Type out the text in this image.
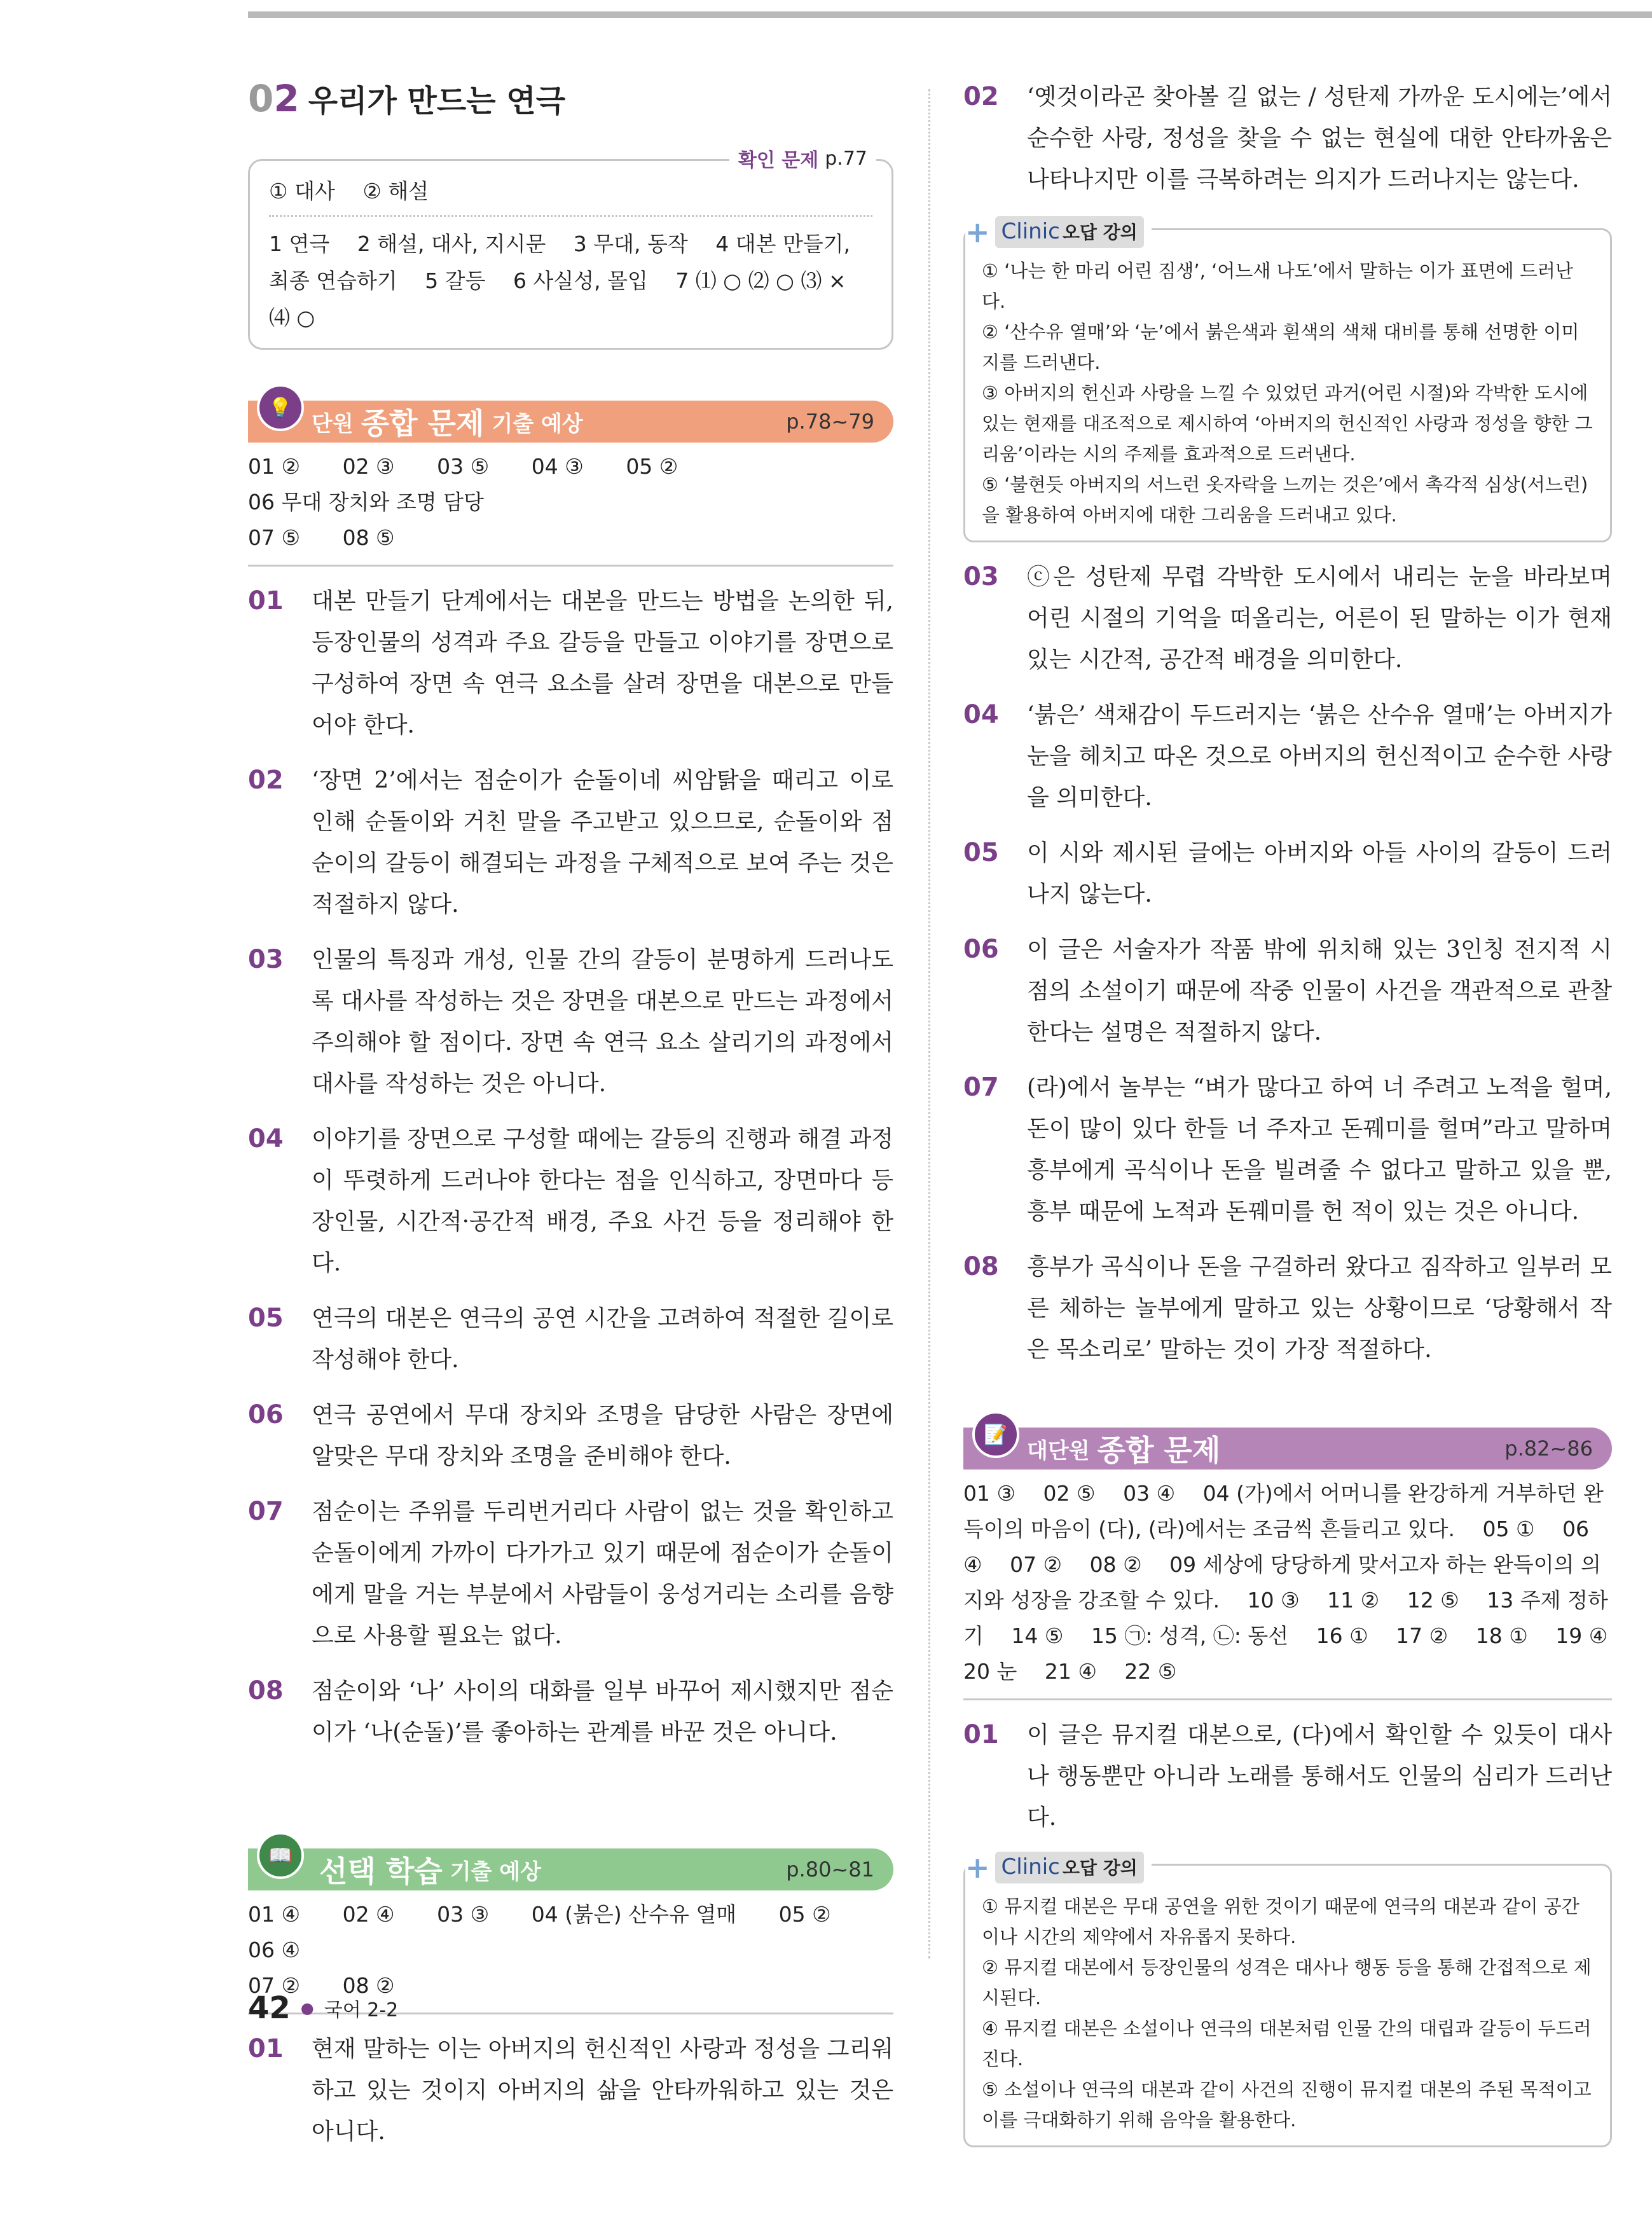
02 우리가 만드는 연극
확인 문제 p.77
① 대사　 ② 해설
1 연극　 2 해설, 대사, 지시문　 3 무대, 동작　 4 대본 만들기, 최종 연습하기　 5 갈등　 6 사실성, 몰입　 7 ⑴ ○ ⑵ ○ ⑶ × ⑷ ○
💡
단원 종합 문제 기출 예상	p.78~79
01 ② 02 ③ 03 ⑤ 04 ③ 05 ② 06 무대 장치와 조명 담당
07 ⑤ 08 ⑤
01	대본 만들기 단계에서는 대본을 만드는 방법을 논의한 뒤, 등장인물의 성격과 주요 갈등을 만들고 이야기를 장면으로 구성하여 장면 속 연극 요소를 살려 장면을 대본으로 만들어야 한다.
02	‘장면 2’에서는 점순이가 순돌이네 씨암탉을 때리고 이로 인해 순돌이와 거친 말을 주고받고 있으므로, 순돌이와 점순이의 갈등이 해결되는 과정을 구체적으로 보여 주는 것은 적절하지 않다.
03	인물의 특징과 개성, 인물 간의 갈등이 분명하게 드러나도록 대사를 작성하는 것은 장면을 대본으로 만드는 과정에서 주의해야 할 점이다. 장면 속 연극 요소 살리기의 과정에서 대사를 작성하는 것은 아니다.
04	이야기를 장면으로 구성할 때에는 갈등의 진행과 해결 과정이 뚜렷하게 드러나야 한다는 점을 인식하고, 장면마다 등장인물, 시간적·공간적 배경, 주요 사건 등을 정리해야 한다.
05	연극의 대본은 연극의 공연 시간을 고려하여 적절한 길이로 작성해야 한다.
06	연극 공연에서 무대 장치와 조명을 담당한 사람은 장면에 알맞은 무대 장치와 조명을 준비해야 한다.
07	점순이는 주위를 두리번거리다 사람이 없는 것을 확인하고 순돌이에게 가까이 다가가고 있기 때문에 점순이가 순돌이에게 말을 거는 부분에서 사람들이 웅성거리는 소리를 음향으로 사용할 필요는 없다.
08	점순이와 ‘나’ 사이의 대화를 일부 바꾸어 제시했지만 점순이가 ‘나(순돌)’를 좋아하는 관계를 바꾼 것은 아니다.
📖 선택 학습 기출 예상	p.80~81
01 ④ 02 ④ 03 ③ 04 (붉은) 산수유 열매 05 ② 06 ④
07 ② 08 ②
01	현재 말하는 이는 아버지의 헌신적인 사랑과 정성을 그리워하고 있는 것이지 아버지의 삶을 안타까워하고 있는 것은 아니다.
02	‘옛것이라곤 찾아볼 길 없는 / 성탄제 가까운 도시에는’에서 순수한 사랑, 정성을 찾을 수 없는 현실에 대한 안타까움은 나타나지만 이를 극복하려는 의지가 드러나지는 않는다.
+ Clinic 오답 강의
① ‘나는 한 마리 어린 짐생’, ‘어느새 나도’에서 말하는 이가 표면에 드러난다.
② ‘산수유 열매’와 ‘눈’에서 붉은색과 흰색의 색채 대비를 통해 선명한 이미지를 드러낸다.
③ 아버지의 헌신과 사랑을 느낄 수 있었던 과거(어린 시절)와 각박한 도시에 있는 현재를 대조적으로 제시하여 ‘아버지의 헌신적인 사랑과 정성을 향한 그리움’이라는 시의 주제를 효과적으로 드러낸다.
⑤ ‘불현듯 아버지의 서느런 옷자락을 느끼는 것은’에서 촉각적 심상(서느런)을 활용하여 아버지에 대한 그리움을 드러내고 있다.
03	ⓒ은 성탄제 무렵 각박한 도시에서 내리는 눈을 바라보며 어린 시절의 기억을 떠올리는, 어른이 된 말하는 이가 현재 있는 시간적, 공간적 배경을 의미한다.
04	‘붉은’ 색채감이 두드러지는 ‘붉은 산수유 열매’는 아버지가 눈을 헤치고 따온 것으로 아버지의 헌신적이고 순수한 사랑을 의미한다.
05	이 시와 제시된 글에는 아버지와 아들 사이의 갈등이 드러나지 않는다.
06	이 글은 서술자가 작품 밖에 위치해 있는 3인칭 전지적 시점의 소설이기 때문에 작중 인물이 사건을 객관적으로 관찰한다는 설명은 적절하지 않다.
07	(라)에서 놀부는 “벼가 많다고 하여 너 주려고 노적을 헐며, 돈이 많이 있다 한들 너 주자고 돈꿰미를 헐며”라고 말하며 흥부에게 곡식이나 돈을 빌려줄 수 없다고 말하고 있을 뿐, 흥부 때문에 노적과 돈꿰미를 헌 적이 있는 것은 아니다.
08	흥부가 곡식이나 돈을 구걸하러 왔다고 짐작하고 일부러 모른 체하는 놀부에게 말하고 있는 상황이므로 ‘당황해서 작은 목소리로’ 말하는 것이 가장 적절하다.
📝
대단원 종합 문제	p.82~86
01 ③　 02 ⑤　 03 ④　 04 (가)에서 어머니를 완강하게 거부하던 완득이의 마음이 (다), (라)에서는 조금씩 흔들리고 있다.　 05 ①　 06 ④　 07 ②　 08 ②　 09 세상에 당당하게 맞서고자 하는 완득이의 의지와 성장을 강조할 수 있다.　 10 ③　 11 ②　 12 ⑤　 13 주제 정하기　 14 ⑤　 15 ㉠: 성격, ㉡: 동선　 16 ①　 17 ②　 18 ①　 19 ④　 20 눈　 21 ④　 22 ⑤
01	이 글은 뮤지컬 대본으로, (다)에서 확인할 수 있듯이 대사나 행동뿐만 아니라 노래를 통해서도 인물의 심리가 드러난다.
+ Clinic 오답 강의
① 뮤지컬 대본은 무대 공연을 위한 것이기 때문에 연극의 대본과 같이 공간이나 시간의 제약에서 자유롭지 못하다.
② 뮤지컬 대본에서 등장인물의 성격은 대사나 행동 등을 통해 간접적으로 제시된다.
④ 뮤지컬 대본은 소설이나 연극의 대본처럼 인물 간의 대립과 갈등이 두드러진다.
⑤ 소설이나 연극의 대본과 같이 사건의 진행이 뮤지컬 대본의 주된 목적이고 이를 극대화하기 위해 음악을 활용한다.
42 ● 국어 2-2
